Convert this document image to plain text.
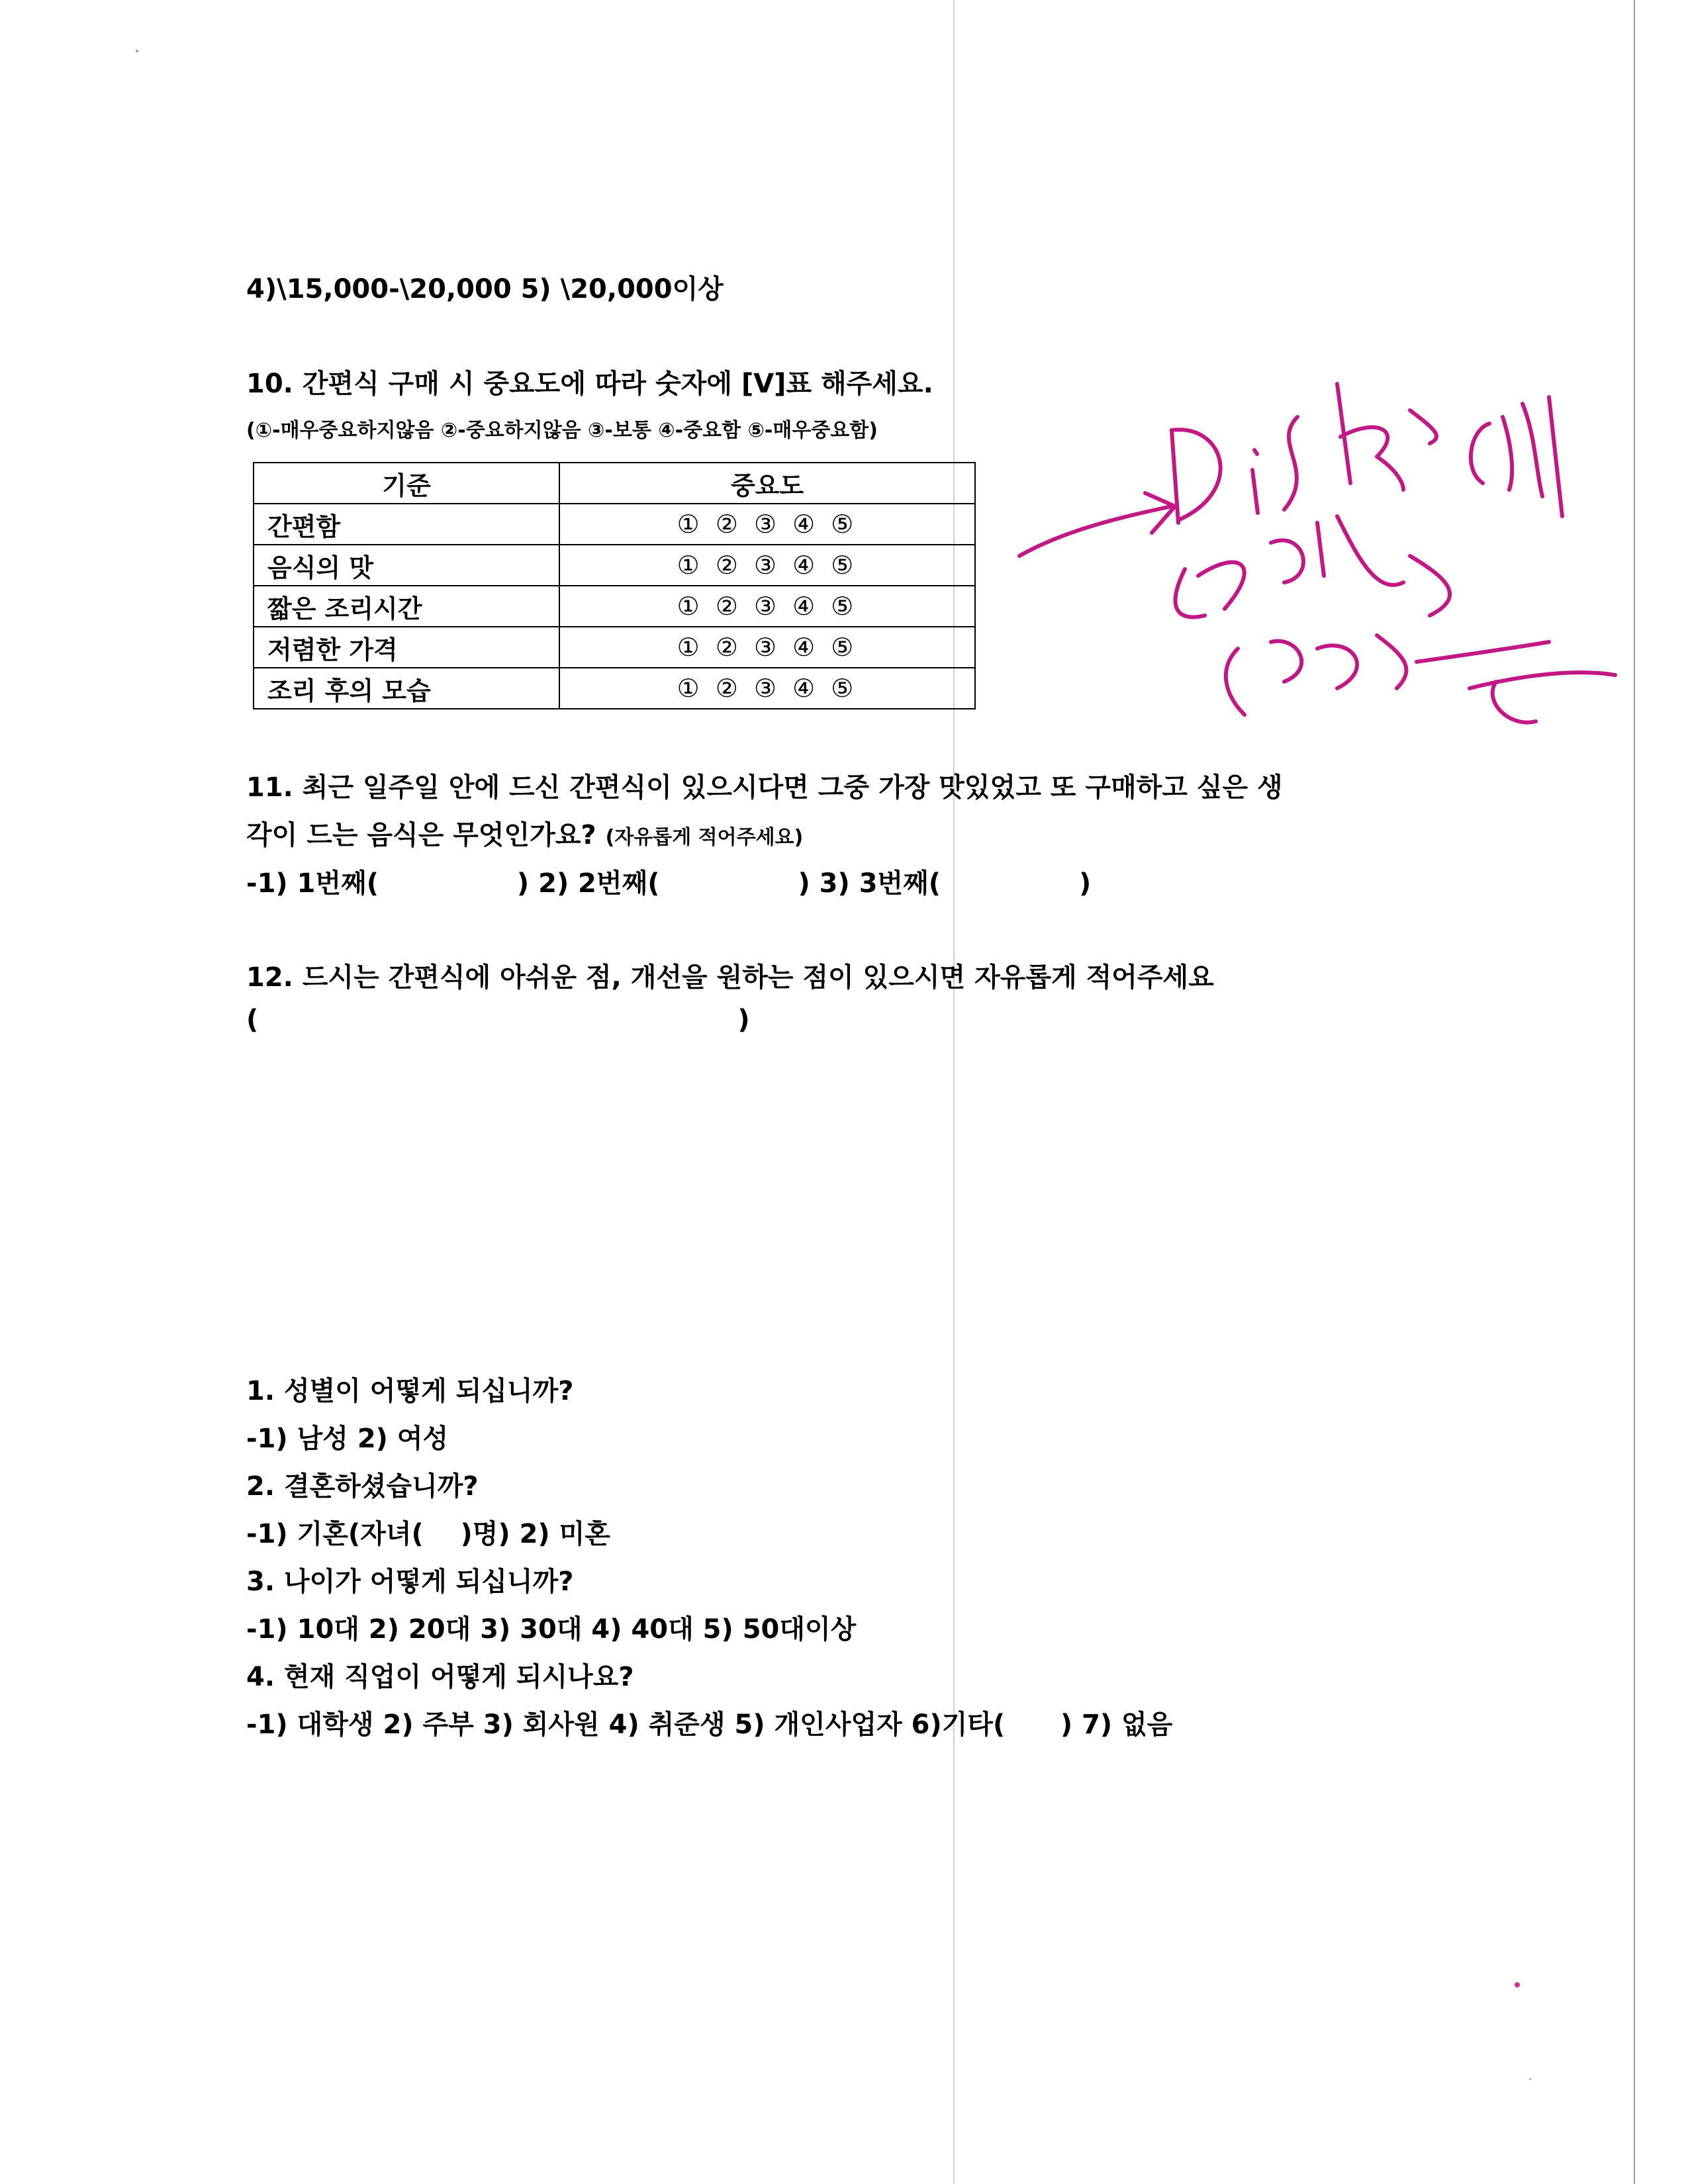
4)\15,000-\20,000 5) \20,000이상
10. 간편식 구매 시 중요도에 따라 숫자에 [V]표 해주세요.
(①-매우중요하지않음 ②-중요하지않음 ③-보통 ④-중요함 ⑤-매우중요함)
기준	중요도
간편함	① ② ③ ④ ⑤
음식의 맛	① ② ③ ④ ⑤
짧은 조리시간	① ② ③ ④ ⑤
저렴한 가격	① ② ③ ④ ⑤
조리 후의 모습	① ② ③ ④ ⑤
11. 최근 일주일 안에 드신 간편식이 있으시다면 그중 가장 맛있었고 또 구매하고 싶은 생
각이 드는 음식은 무엇인가요? (자유롭게 적어주세요)
-1) 1번째(               ) 2) 2번째(               ) 3) 3번째(               )
12. 드시는 간편식에 아쉬운 점, 개선을 원하는 점이 있으시면 자유롭게 적어주세요
(                                                    )
1. 성별이 어떻게 되십니까?
-1) 남성 2) 여성
2. 결혼하셨습니까?
-1) 기혼(자녀(    )명) 2) 미혼
3. 나이가 어떻게 되십니까?
-1) 10대 2) 20대 3) 30대 4) 40대 5) 50대이상
4. 현재 직업이 어떻게 되시나요?
-1) 대학생 2) 주부 3) 회사원 4) 취준생 5) 개인사업자 6)기타(      ) 7) 없음
